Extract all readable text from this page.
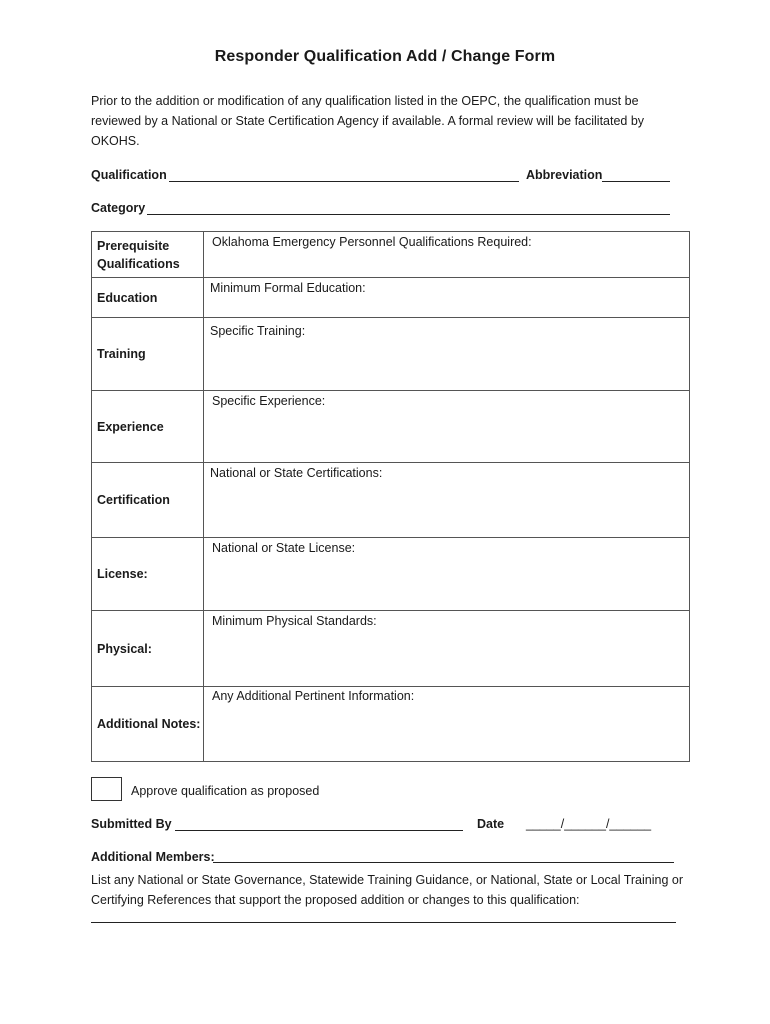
Responder Qualification Add / Change Form
Prior to the addition or modification of any qualification listed in the OEPC, the qualification must be reviewed by a National or State Certification Agency if available. A formal review will be facilitated by OKOHS.
Qualification	Abbreviation
Category
Prerequisite Qualifications	Oklahoma Emergency Personnel Qualifications Required:

Education	Minimum Formal Education:

Training	Specific Training:

Experience	Specific Experience:

Certification	National or State Certifications:

License:	National or State License:

Physical:	Minimum Physical Standards:

Additional Notes:	Any Additional Pertinent Information:
Approve qualification as proposed
Submitted By	Date _____/______/______
Additional Members:
List any National or State Governance, Statewide Training Guidance, or National, State or Local Training or Certifying References that support the proposed addition or changes to this qualification:
